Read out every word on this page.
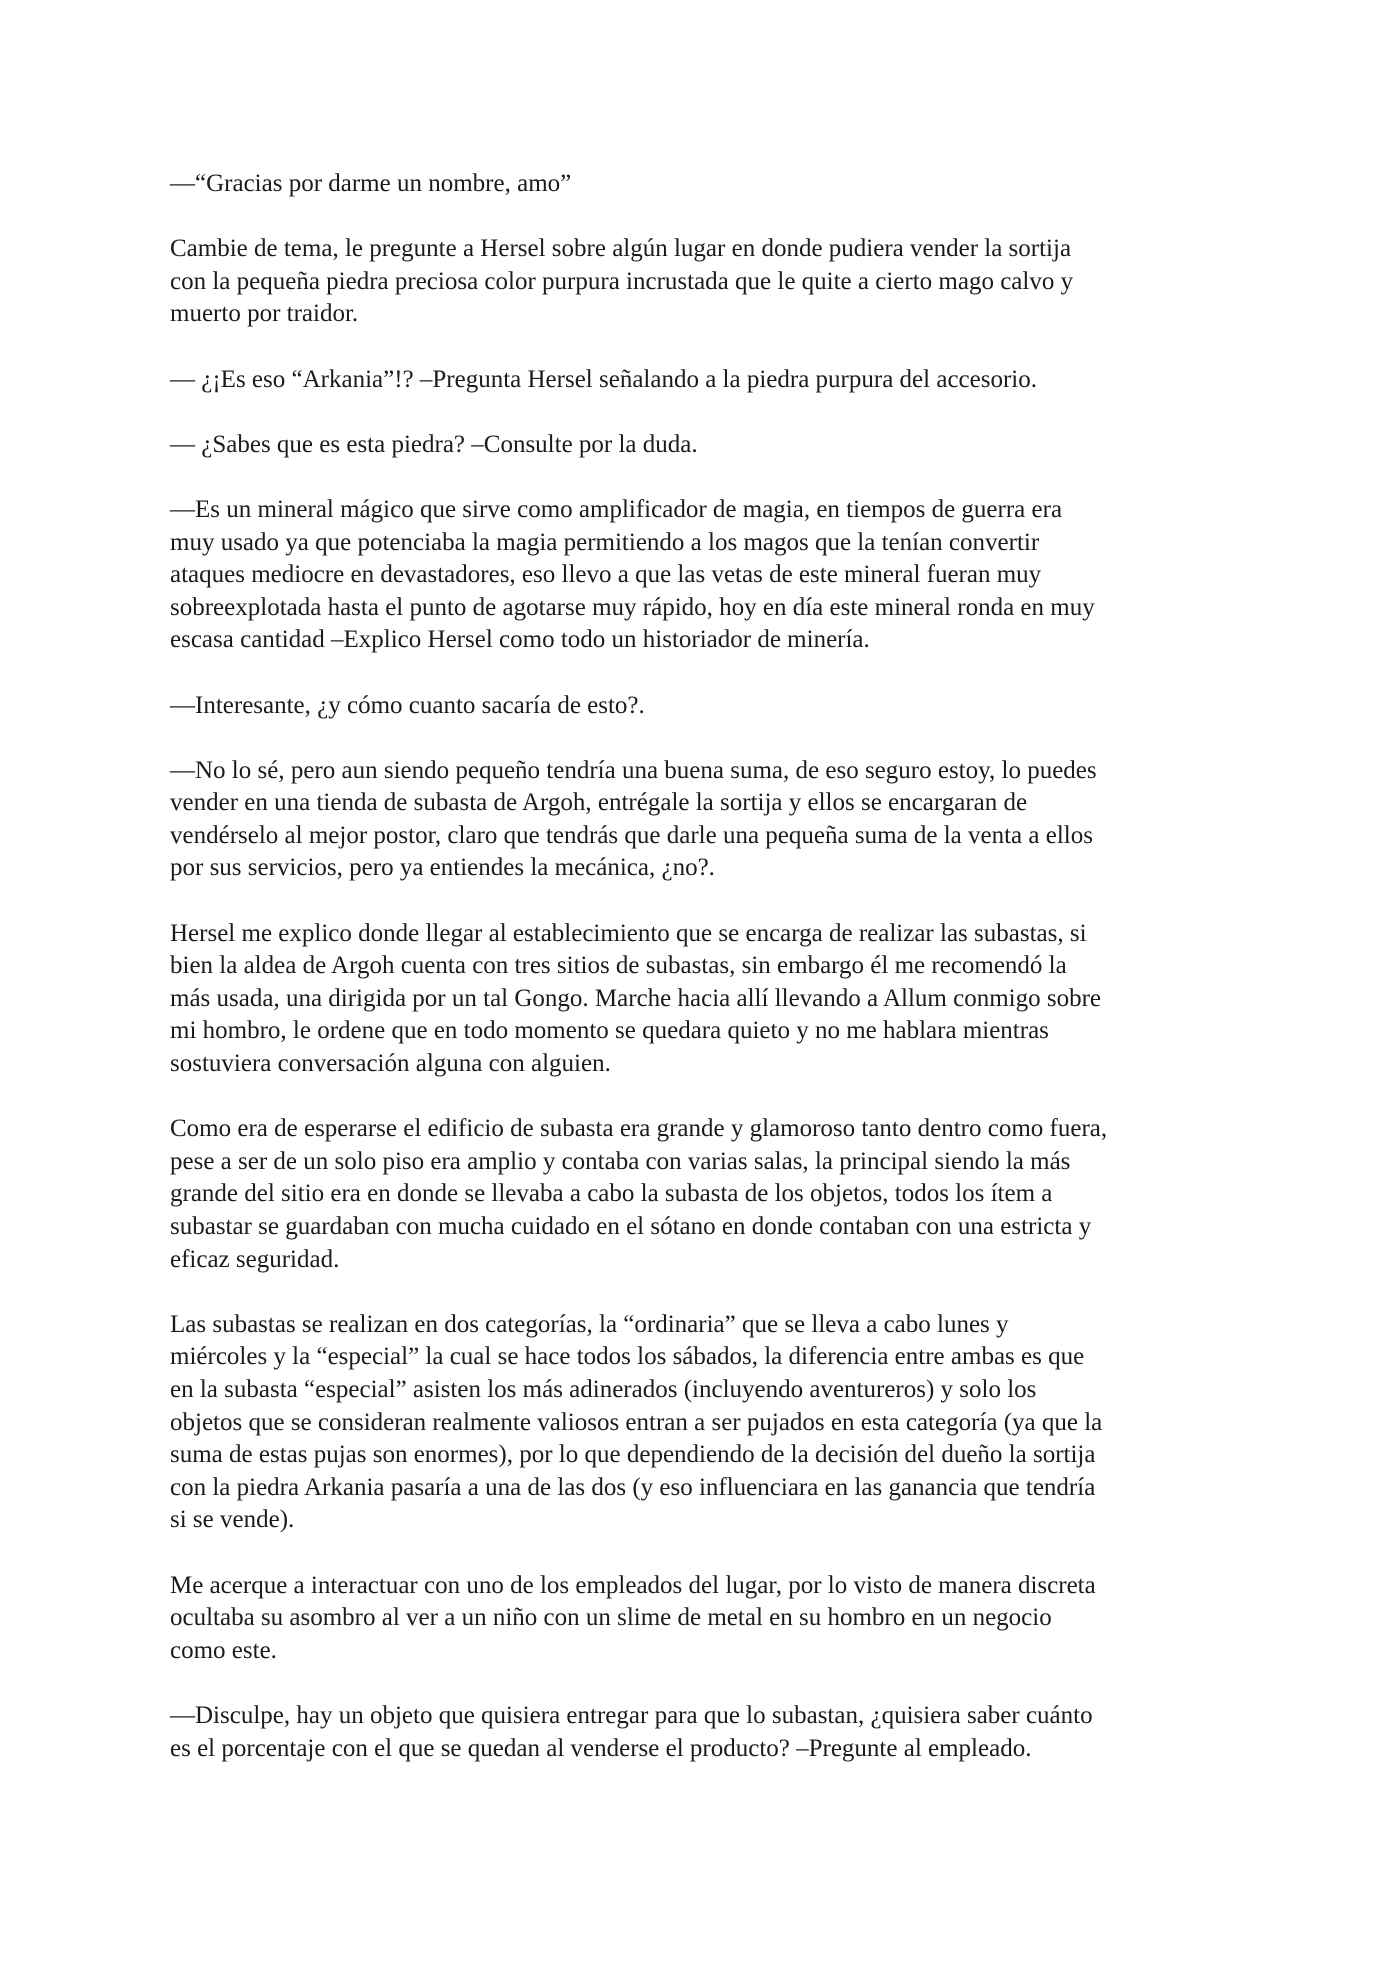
—“Gracias por darme un nombre, amo”

Cambie de tema, le pregunte a Hersel sobre algún lugar en donde pudiera vender la sortija
con la pequeña piedra preciosa color purpura incrustada que le quite a cierto mago calvo y
muerto por traidor.

— ¿¡Es eso “Arkania”!? –Pregunta Hersel señalando a la piedra purpura del accesorio.

— ¿Sabes que es esta piedra? –Consulte por la duda.

—Es un mineral mágico que sirve como amplificador de magia, en tiempos de guerra era
muy usado ya que potenciaba la magia permitiendo a los magos que la tenían convertir
ataques mediocre en devastadores, eso llevo a que las vetas de este mineral fueran muy
sobreexplotada hasta el punto de agotarse muy rápido, hoy en día este mineral ronda en muy
escasa cantidad –Explico Hersel como todo un historiador de minería.

—Interesante, ¿y cómo cuanto sacaría de esto?.

—No lo sé, pero aun siendo pequeño tendría una buena suma, de eso seguro estoy, lo puedes
vender en una tienda de subasta de Argoh, entrégale la sortija y ellos se encargaran de
vendérselo al mejor postor, claro que tendrás que darle una pequeña suma de la venta a ellos
por sus servicios, pero ya entiendes la mecánica, ¿no?.

Hersel me explico donde llegar al establecimiento que se encarga de realizar las subastas, si
bien la aldea de Argoh cuenta con tres sitios de subastas, sin embargo él me recomendó la
más usada, una dirigida por un tal Gongo. Marche hacia allí llevando a Allum conmigo sobre
mi hombro, le ordene que en todo momento se quedara quieto y no me hablara mientras
sostuviera conversación alguna con alguien.

Como era de esperarse el edificio de subasta era grande y glamoroso tanto dentro como fuera,
pese a ser de un solo piso era amplio y contaba con varias salas, la principal siendo la más
grande del sitio era en donde se llevaba a cabo la subasta de los objetos, todos los ítem a
subastar se guardaban con mucha cuidado en el sótano en donde contaban con una estricta y
eficaz seguridad.

Las subastas se realizan en dos categorías, la “ordinaria” que se lleva a cabo lunes y
miércoles y la “especial” la cual se hace todos los sábados, la diferencia entre ambas es que
en la subasta “especial” asisten los más adinerados (incluyendo aventureros) y solo los
objetos que se consideran realmente valiosos entran a ser pujados en esta categoría (ya que la
suma de estas pujas son enormes), por lo que dependiendo de la decisión del dueño la sortija
con la piedra Arkania pasaría a una de las dos (y eso influenciara en las ganancia que tendría
si se vende).

Me acerque a interactuar con uno de los empleados del lugar, por lo visto de manera discreta
ocultaba su asombro al ver a un niño con un slime de metal en su hombro en un negocio
como este.

—Disculpe, hay un objeto que quisiera entregar para que lo subastan, ¿quisiera saber cuánto
es el porcentaje con el que se quedan al venderse el producto? –Pregunte al empleado.
